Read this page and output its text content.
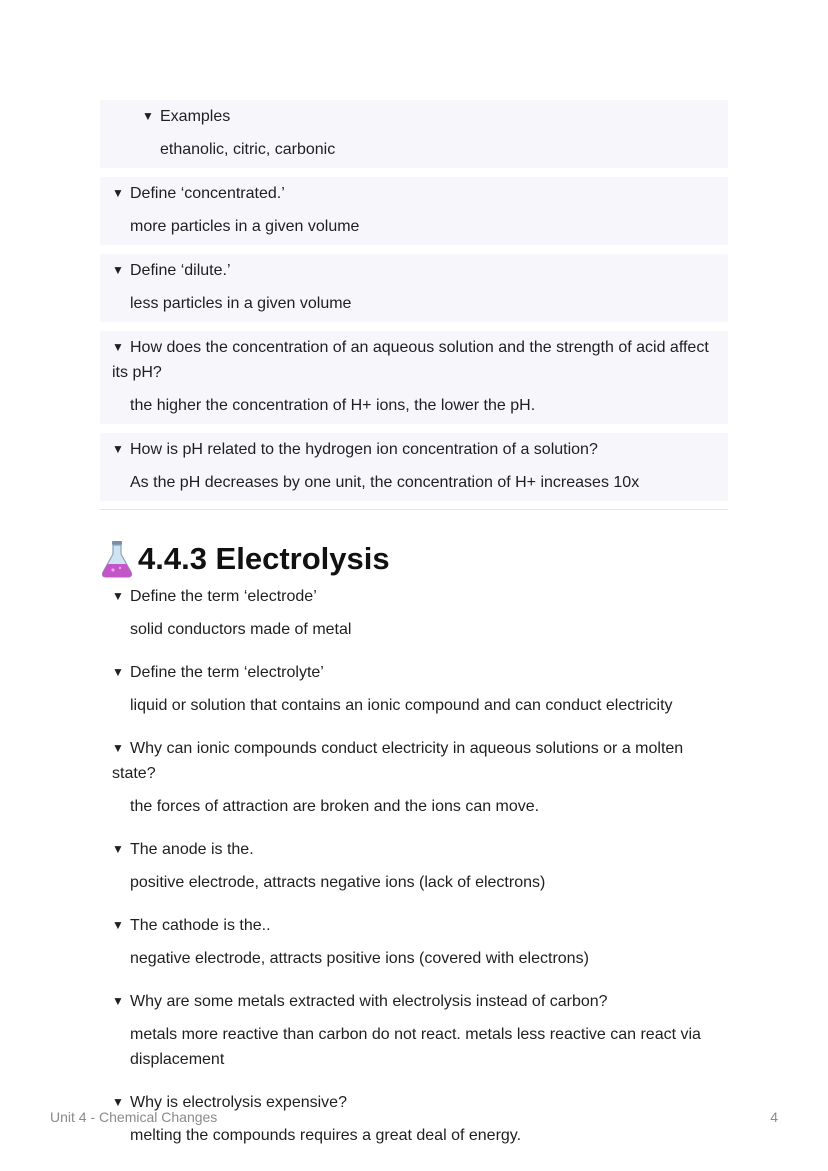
▼ Examples
ethanolic, citric, carbonic
▼ Define ‘concentrated.’
more particles in a given volume
▼ Define ‘dilute.’
less particles in a given volume
▼ How does the concentration of an aqueous solution and the strength of acid affect its pH?
the higher the concentration of H+ ions, the lower the pH.
▼ How is pH related to the hydrogen ion concentration of a solution?
As the pH decreases by one unit, the concentration of H+ increases 10x
4.4.3 Electrolysis
▼ Define the term ‘electrode’
solid conductors made of metal
▼ Define the term ‘electrolyte’
liquid or solution that contains an ionic compound and can conduct electricity
▼ Why can ionic compounds conduct electricity in aqueous solutions or a molten state?
the forces of attraction are broken and the ions can move.
▼ The anode is the.
positive electrode, attracts negative ions (lack of electrons)
▼ The cathode is the..
negative electrode, attracts positive ions (covered with electrons)
▼ Why are some metals extracted with electrolysis instead of carbon?
metals more reactive than carbon do not react. metals less reactive can react via displacement
▼ Why is electrolysis expensive?
melting the compounds requires a great deal of energy.
Unit 4 - Chemical Changes	4
